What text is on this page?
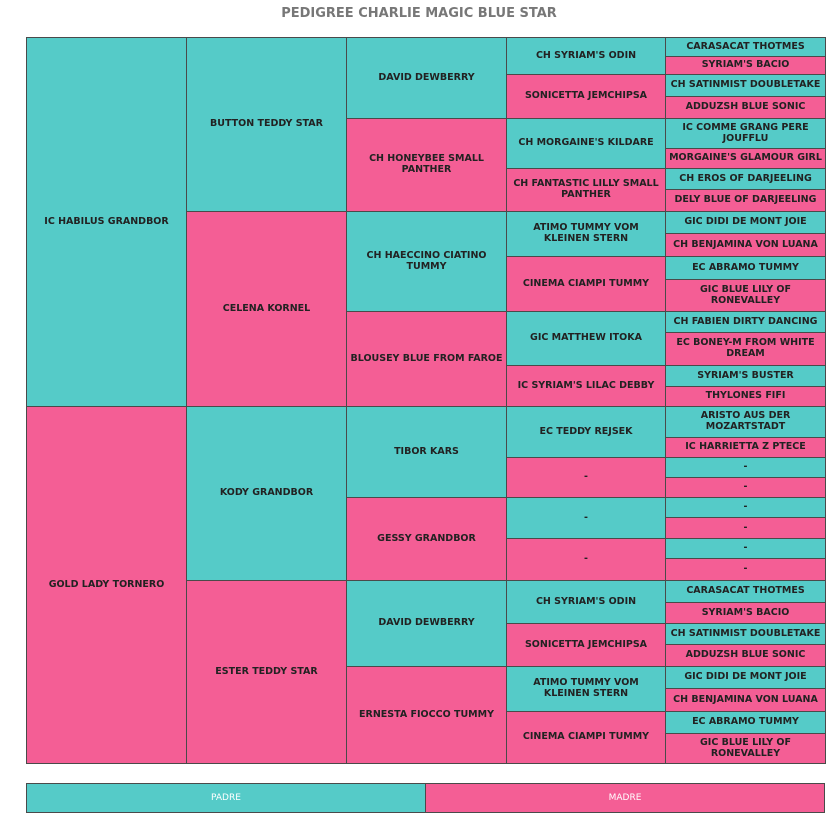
PEDIGREE CHARLIE MAGIC BLUE STAR
IC HABILUS GRANDBOR
GOLD LADY TORNERO
BUTTON TEDDY STAR
CELENA KORNEL
KODY GRANDBOR
ESTER TEDDY STAR
DAVID DEWBERRY
CH HONEYBEE SMALL PANTHER
CH HAECCINO CIATINO TUMMY
BLOUSEY BLUE FROM FAROE
TIBOR KARS
GESSY GRANDBOR
DAVID DEWBERRY
ERNESTA FIOCCO TUMMY
CH SYRIAM'S ODIN
SONICETTA JEMCHIPSA
CH MORGAINE'S KILDARE
CH FANTASTIC LILLY SMALL PANTHER
ATIMO TUMMY VOM KLEINEN STERN
CINEMA CIAMPI TUMMY
GIC MATTHEW ITOKA
IC SYRIAM'S LILAC DEBBY
EC TEDDY REJSEK
-
-
-
CH SYRIAM'S ODIN
SONICETTA JEMCHIPSA
ATIMO TUMMY VOM KLEINEN STERN
CINEMA CIAMPI TUMMY
CARASACAT THOTMES
SYRIAM'S BACIO
CH SATINMIST DOUBLETAKE
ADDUZSH BLUE SONIC
IC COMME GRANG PERE JOUFFLU
MORGAINE'S GLAMOUR GIRL
CH EROS OF DARJEELING
DELY BLUE OF DARJEELING
GIC DIDI DE MONT JOIE
CH BENJAMINA VON LUANA
EC ABRAMO TUMMY
GIC BLUE LILY OF RONEVALLEY
CH FABIEN DIRTY DANCING
EC BONEY-M FROM WHITE DREAM
SYRIAM'S BUSTER
THYLONES FIFI
ARISTO AUS DER MOZARTSTADT
IC HARRIETTA Z PTECE
-
-
-
-
-
-
CARASACAT THOTMES
SYRIAM'S BACIO
CH SATINMIST DOUBLETAKE
ADDUZSH BLUE SONIC
GIC DIDI DE MONT JOIE
CH BENJAMINA VON LUANA
EC ABRAMO TUMMY
GIC BLUE LILY OF RONEVALLEY
PADRE	MADRE
